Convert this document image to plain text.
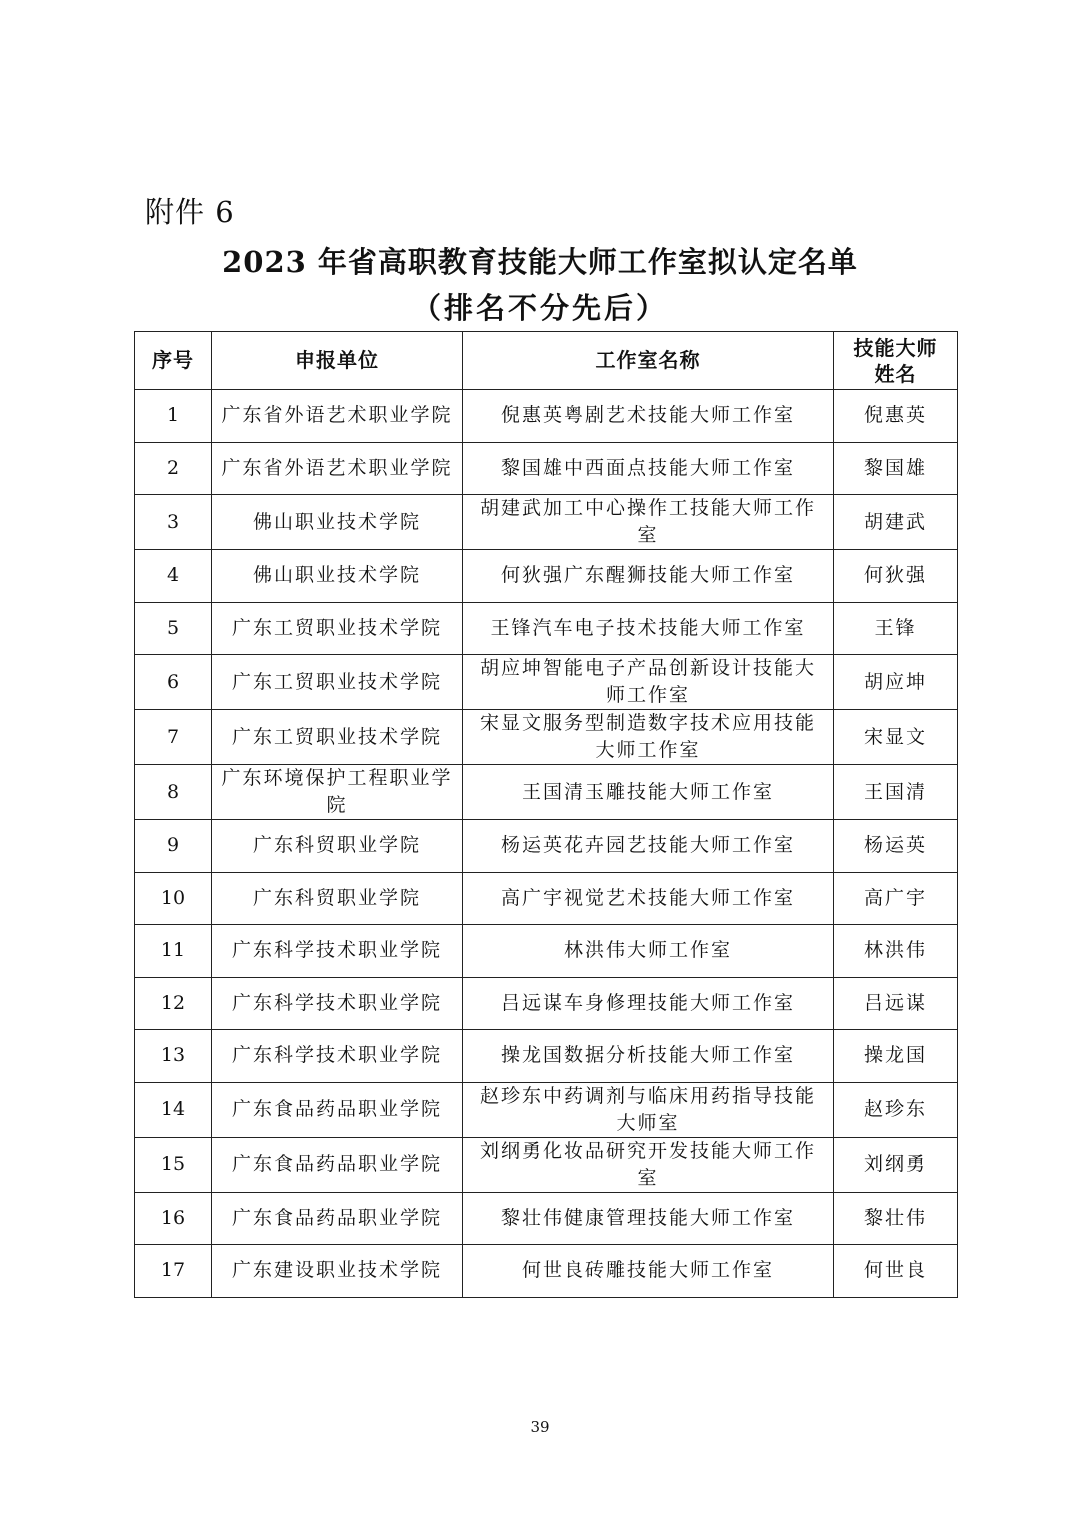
附件 6
2023 年省高职教育技能大师工作室拟认定名单
（排名不分先后）
序号	申报单位	工作室名称	技能大师
姓名
1	广东省外语艺术职业学院	倪惠英粤剧艺术技能大师工作室	倪惠英
2	广东省外语艺术职业学院	黎国雄中西面点技能大师工作室	黎国雄
3	佛山职业技术学院	胡建武加工中心操作工技能大师工作室	胡建武
4	佛山职业技术学院	何狄强广东醒狮技能大师工作室	何狄强
5	广东工贸职业技术学院	王锋汽车电子技术技能大师工作室	王锋
6	广东工贸职业技术学院	胡应坤智能电子产品创新设计技能大师工作室	胡应坤
7	广东工贸职业技术学院	宋显文服务型制造数字技术应用技能大师工作室	宋显文
8	广东环境保护工程职业学院	王国清玉雕技能大师工作室	王国清
9	广东科贸职业学院	杨运英花卉园艺技能大师工作室	杨运英
10	广东科贸职业学院	高广宇视觉艺术技能大师工作室	高广宇
11	广东科学技术职业学院	林洪伟大师工作室	林洪伟
12	广东科学技术职业学院	吕远谋车身修理技能大师工作室	吕远谋
13	广东科学技术职业学院	操龙国数据分析技能大师工作室	操龙国
14	广东食品药品职业学院	赵珍东中药调剂与临床用药指导技能大师室	赵珍东
15	广东食品药品职业学院	刘纲勇化妆品研究开发技能大师工作室	刘纲勇
16	广东食品药品职业学院	黎壮伟健康管理技能大师工作室	黎壮伟
17	广东建设职业技术学院	何世良砖雕技能大师工作室	何世良
39
